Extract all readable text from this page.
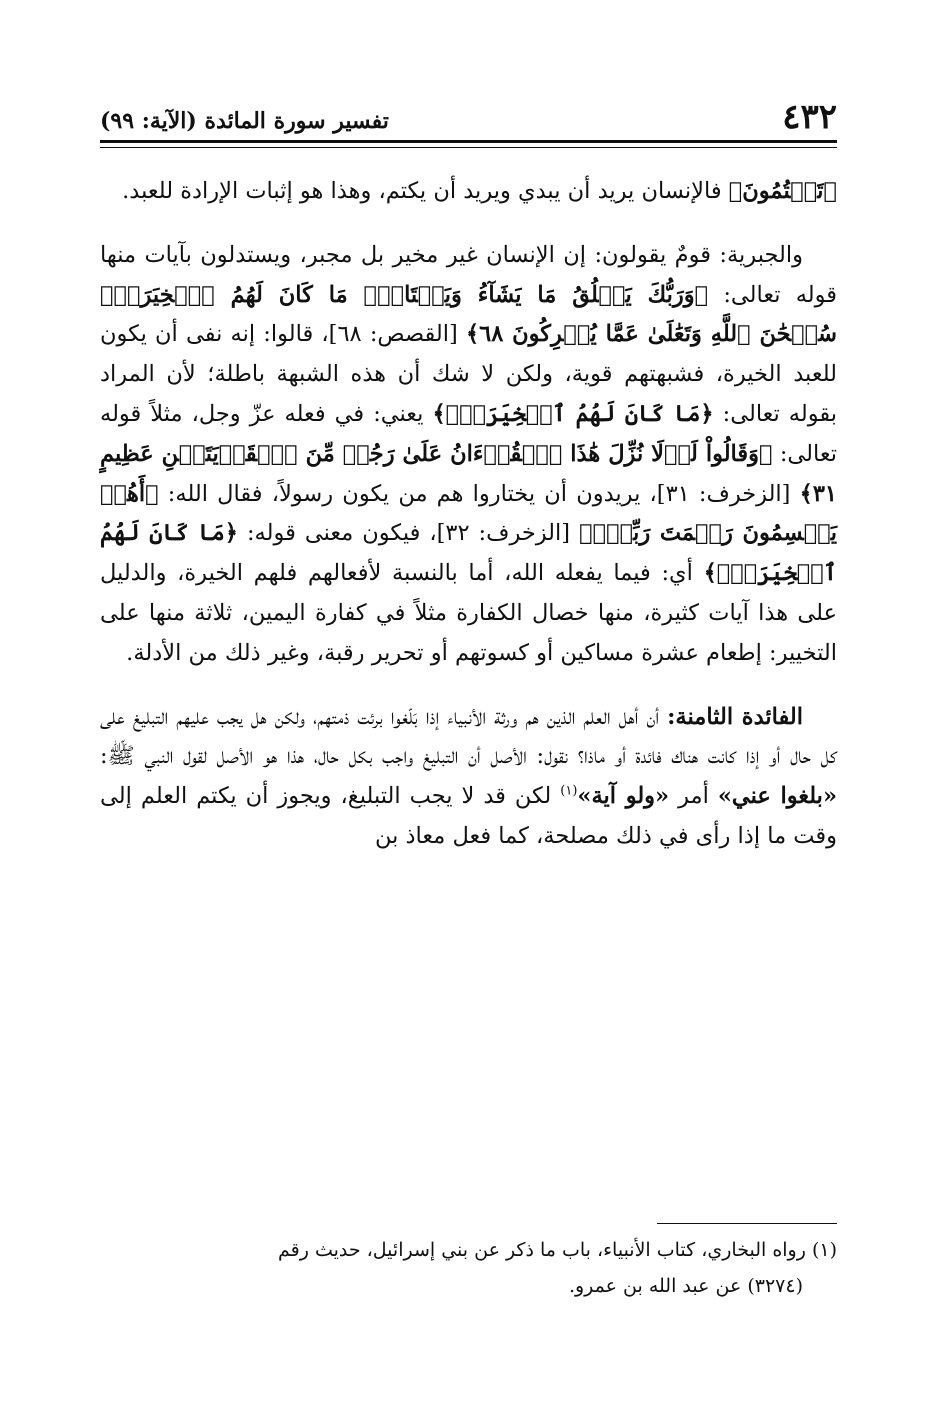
٤٣٢
تفسير سورة المائدة (الآية: ٩٩)

﴿تَكۡتُمُونَ﴾ فالإنسان يريد أن يبدي ويريد أن يكتم، وهذا هو إثبات الإرادة للعبد.

والجبرية: قومٌ يقولون: إن الإنسان غير مخير بل مجبر، ويستدلون بآيات منها قوله تعالى: ﴿وَرَبُّكَ يَخۡلُقُ مَا يَشَآءُ وَيَخۡتَارُۗ مَا كَانَ لَهُمُ ٱلۡخِيَرَةُۚ سُبۡحَٰنَ ٱللَّهِ وَتَعَٰلَىٰ عَمَّا يُشۡرِكُونَ ٦٨﴾ [القصص: ٦٨]، قالوا: إنه نفى أن يكون للعبد الخيرة، فشبهتهم قوية، ولكن لا شك أن هذه الشبهة باطلة؛ لأن المراد بقوله تعالى: ﴿مَا كَانَ لَهُمُ ٱلۡخِيَرَةُۚ﴾ يعني: في فعله عزّ وجل، مثلاً قوله تعالى: ﴿وَقَالُواْ لَوۡلَا نُزِّلَ هَٰذَا ٱلۡقُرۡءَانُ عَلَىٰ رَجُلٖ مِّنَ ٱلۡقَرۡيَتَيۡنِ عَظِيمٍ ٣١﴾ [الزخرف: ٣١]، يريدون أن يختاروا هم من يكون رسولاً، فقال الله: ﴿أَهُمۡ يَقۡسِمُونَ رَحۡمَتَ رَبِّكَۚ﴾ [الزخرف: ٣٢]، فيكون معنى قوله: ﴿مَا كَانَ لَهُمُ ٱلۡخِيَرَةُۚ﴾ أي: فيما يفعله الله، أما بالنسبة لأفعالهم فلهم الخيرة، والدليل على هذا آيات كثيرة، منها خصال الكفارة مثلاً في كفارة اليمين، ثلاثة منها على التخيير: إطعام عشرة مساكين أو كسوتهم أو تحرير رقبة، وغير ذلك من الأدلة.

الفائدة الثامنة: أن أهل العلم الذين هم ورثة الأنبياء إذا بَلّغوا برئت ذمتهم، ولكن هل يجب عليهم التبليغ على كل حال أو إذا كانت هناك فائدة أو ماذا؟ نقول: الأصل أن التبليغ واجب بكل حال، هذا هو الأصل لقول النبي ﷺ: «بلغوا عني» أمر «ولو آية»$^{(١)}$ لكن قد لا يجب التبليغ، ويجوز أن يكتم العلم إلى وقت ما إذا رأى في ذلك مصلحة، كما فعل معاذ بن

(١) رواه البخاري، كتاب الأنبياء، باب ما ذكر عن بني إسرائيل، حديث رقم

(٣٢٧٤) عن عبد الله بن عمرو.
